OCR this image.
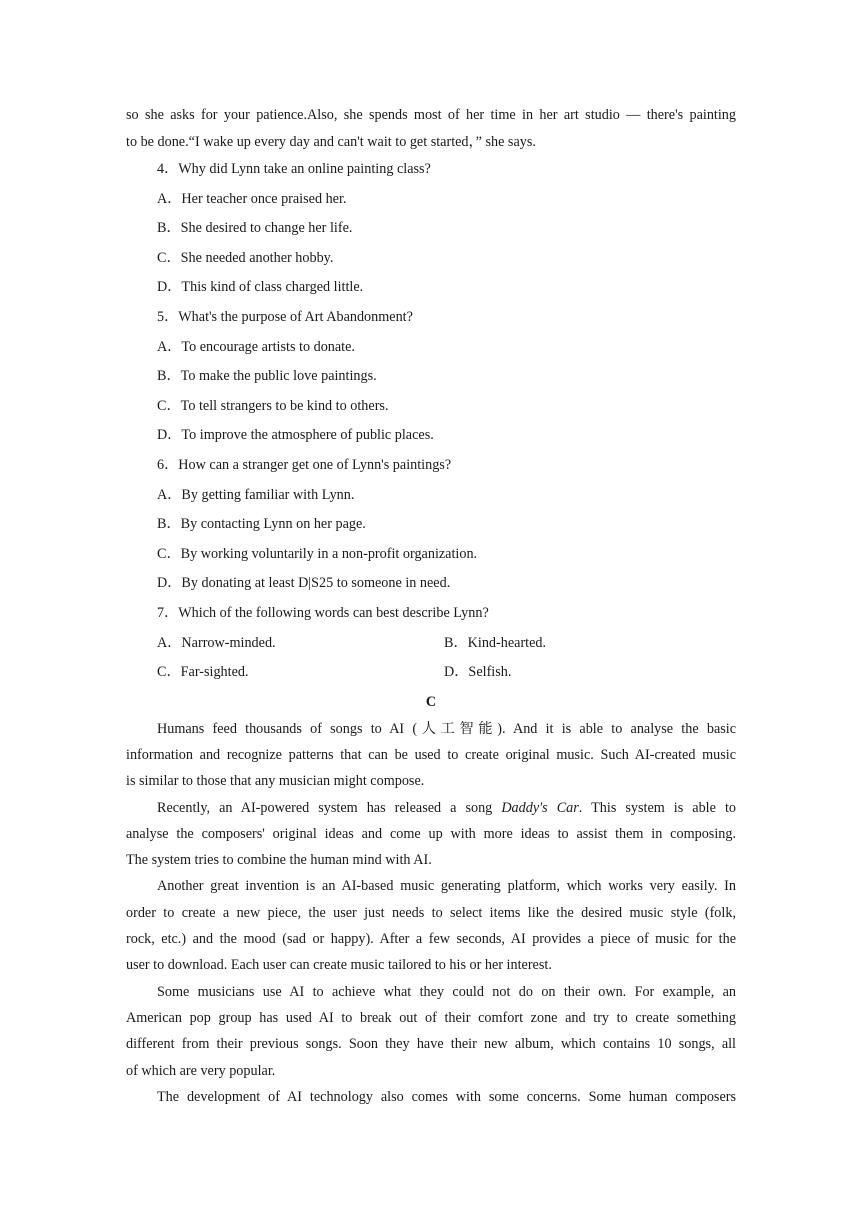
so she asks for your patience.Also, she spends most of her time in her art studio — there's painting
to be done.“I wake up every day and can't wait to get started，” she says.
4．Why did Lynn take an online painting class?
A．Her teacher once praised her.
B．She desired to change her life.
C．She needed another hobby.
D．This kind of class charged little.
5．What's the purpose of Art Abandonment?
A．To encourage artists to donate.
B．To make the public love paintings.
C．To tell strangers to be kind to others.
D．To improve the atmosphere of public places.
6．How can a stranger get one of Lynn's paintings?
A．By getting familiar with Lynn.
B．By contacting Lynn on her page.
C．By working voluntarily in a non-profit organization.
D．By donating at least D|S25 to someone in need.
7．Which of the following words can best describe Lynn?
A．Narrow-minded.	B．Kind-hearted.
C．Far-sighted.	D．Selfish.
C
Humans feed thousands of songs to AI (人工智能). And it is able to analyse the basic
information and recognize patterns that can be used to create original music. Such AI-created music
is similar to those that any musician might compose.
Recently, an AI-powered system has released a song Daddy's Car. This system is able to
analyse the composers' original ideas and come up with more ideas to assist them in composing.
The system tries to combine the human mind with AI.
Another great invention is an AI-based music generating platform, which works very easily. In
order to create a new piece, the user just needs to select items like the desired music style (folk,
rock, etc.) and the mood (sad or happy). After a few seconds, AI provides a piece of music for the
user to download. Each user can create music tailored to his or her interest.
Some musicians use AI to achieve what they could not do on their own. For example, an
American pop group has used AI to break out of their comfort zone and try to create something
different from their previous songs. Soon they have their new album, which contains 10 songs, all
of which are very popular.
The development of AI technology also comes with some concerns. Some human composers
